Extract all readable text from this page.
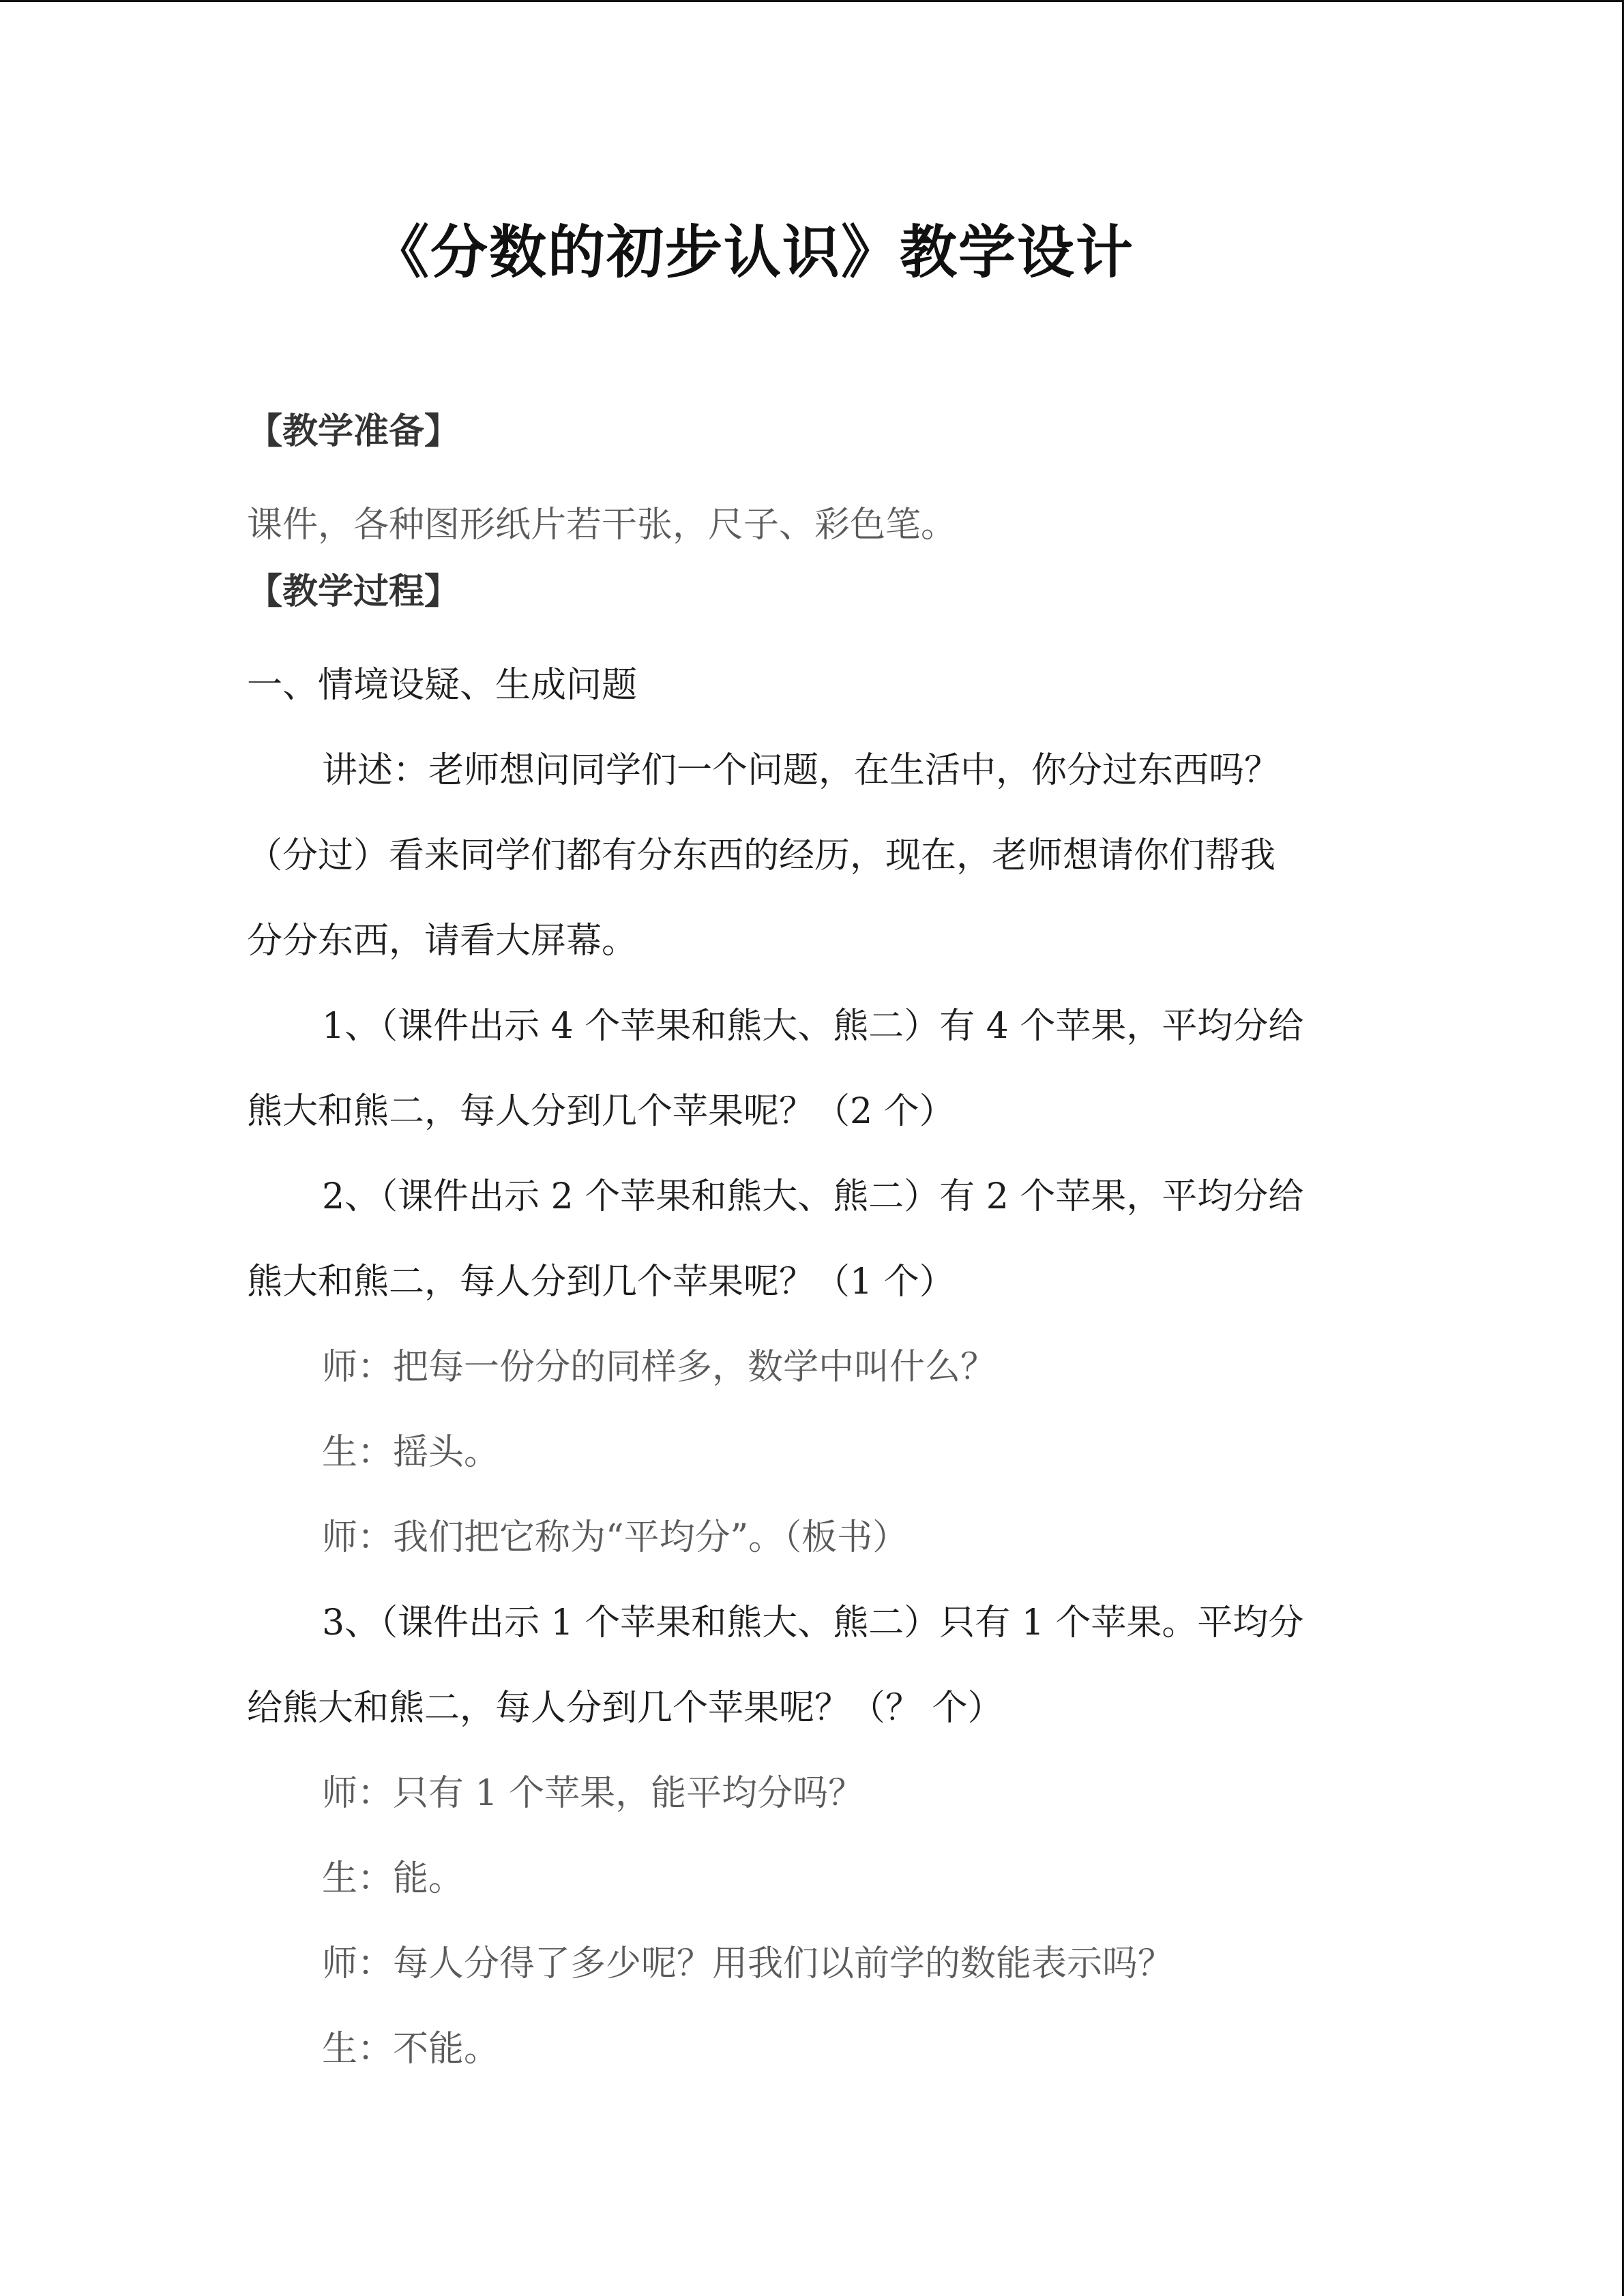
《分数的初步认识》教学设计
【教学准备】
课件，各种图形纸片若干张，尺子、彩色笔。
【教学过程】
一、情境设疑、生成问题
讲述：老师想问同学们一个问题，在生活中，你分过东西吗？
（分过）看来同学们都有分东西的经历，现在，老师想请你们帮我
分分东西，请看大屏幕。
1、（课件出示 4 个苹果和熊大、熊二）有 4 个苹果，平均分给
熊大和熊二，每人分到几个苹果呢？（2 个）
2、（课件出示 2 个苹果和熊大、熊二）有 2 个苹果，平均分给
熊大和熊二，每人分到几个苹果呢？（1 个）
师：把每一份分的同样多，数学中叫什么？
生：摇头。
师：我们把它称为“平均分”。（板书）
3、（课件出示 1 个苹果和熊大、熊二）只有 1 个苹果。平均分
给熊大和熊二，每人分到几个苹果呢？（？ 个）
师：只有 1 个苹果，能平均分吗？
生：能。
师：每人分得了多少呢？用我们以前学的数能表示吗？
生：不能。
